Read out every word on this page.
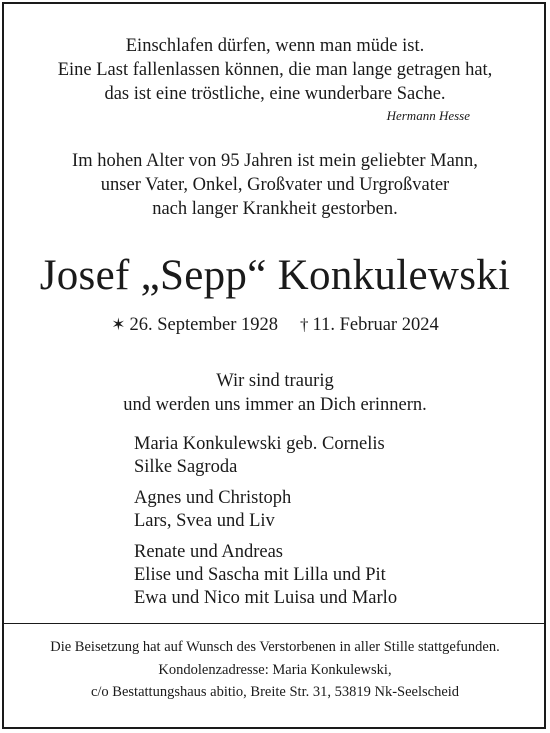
Einschlafen dürfen, wenn man müde ist.
Eine Last fallenlassen können, die man lange getragen hat,
das ist eine tröstliche, eine wunderbare Sache.
Hermann Hesse
Im hohen Alter von 95 Jahren ist mein geliebter Mann,
unser Vater, Onkel, Großvater und Urgroßvater
nach langer Krankheit gestorben.
Josef „Sepp“ Konkulewski
✶ 26. September 1928 † 11. Februar 2024
Wir sind traurig
und werden uns immer an Dich erinnern.
Maria Konkulewski geb. Cornelis
Silke Sagroda
Agnes und Christoph
Lars, Svea und Liv
Renate und Andreas
Elise und Sascha mit Lilla und Pit
Ewa und Nico mit Luisa und Marlo
Die Beisetzung hat auf Wunsch des Verstorbenen in aller Stille stattgefunden.
Kondolenzadresse: Maria Konkulewski,
c/o Bestattungshaus abitio, Breite Str. 31, 53819 Nk-Seelscheid
